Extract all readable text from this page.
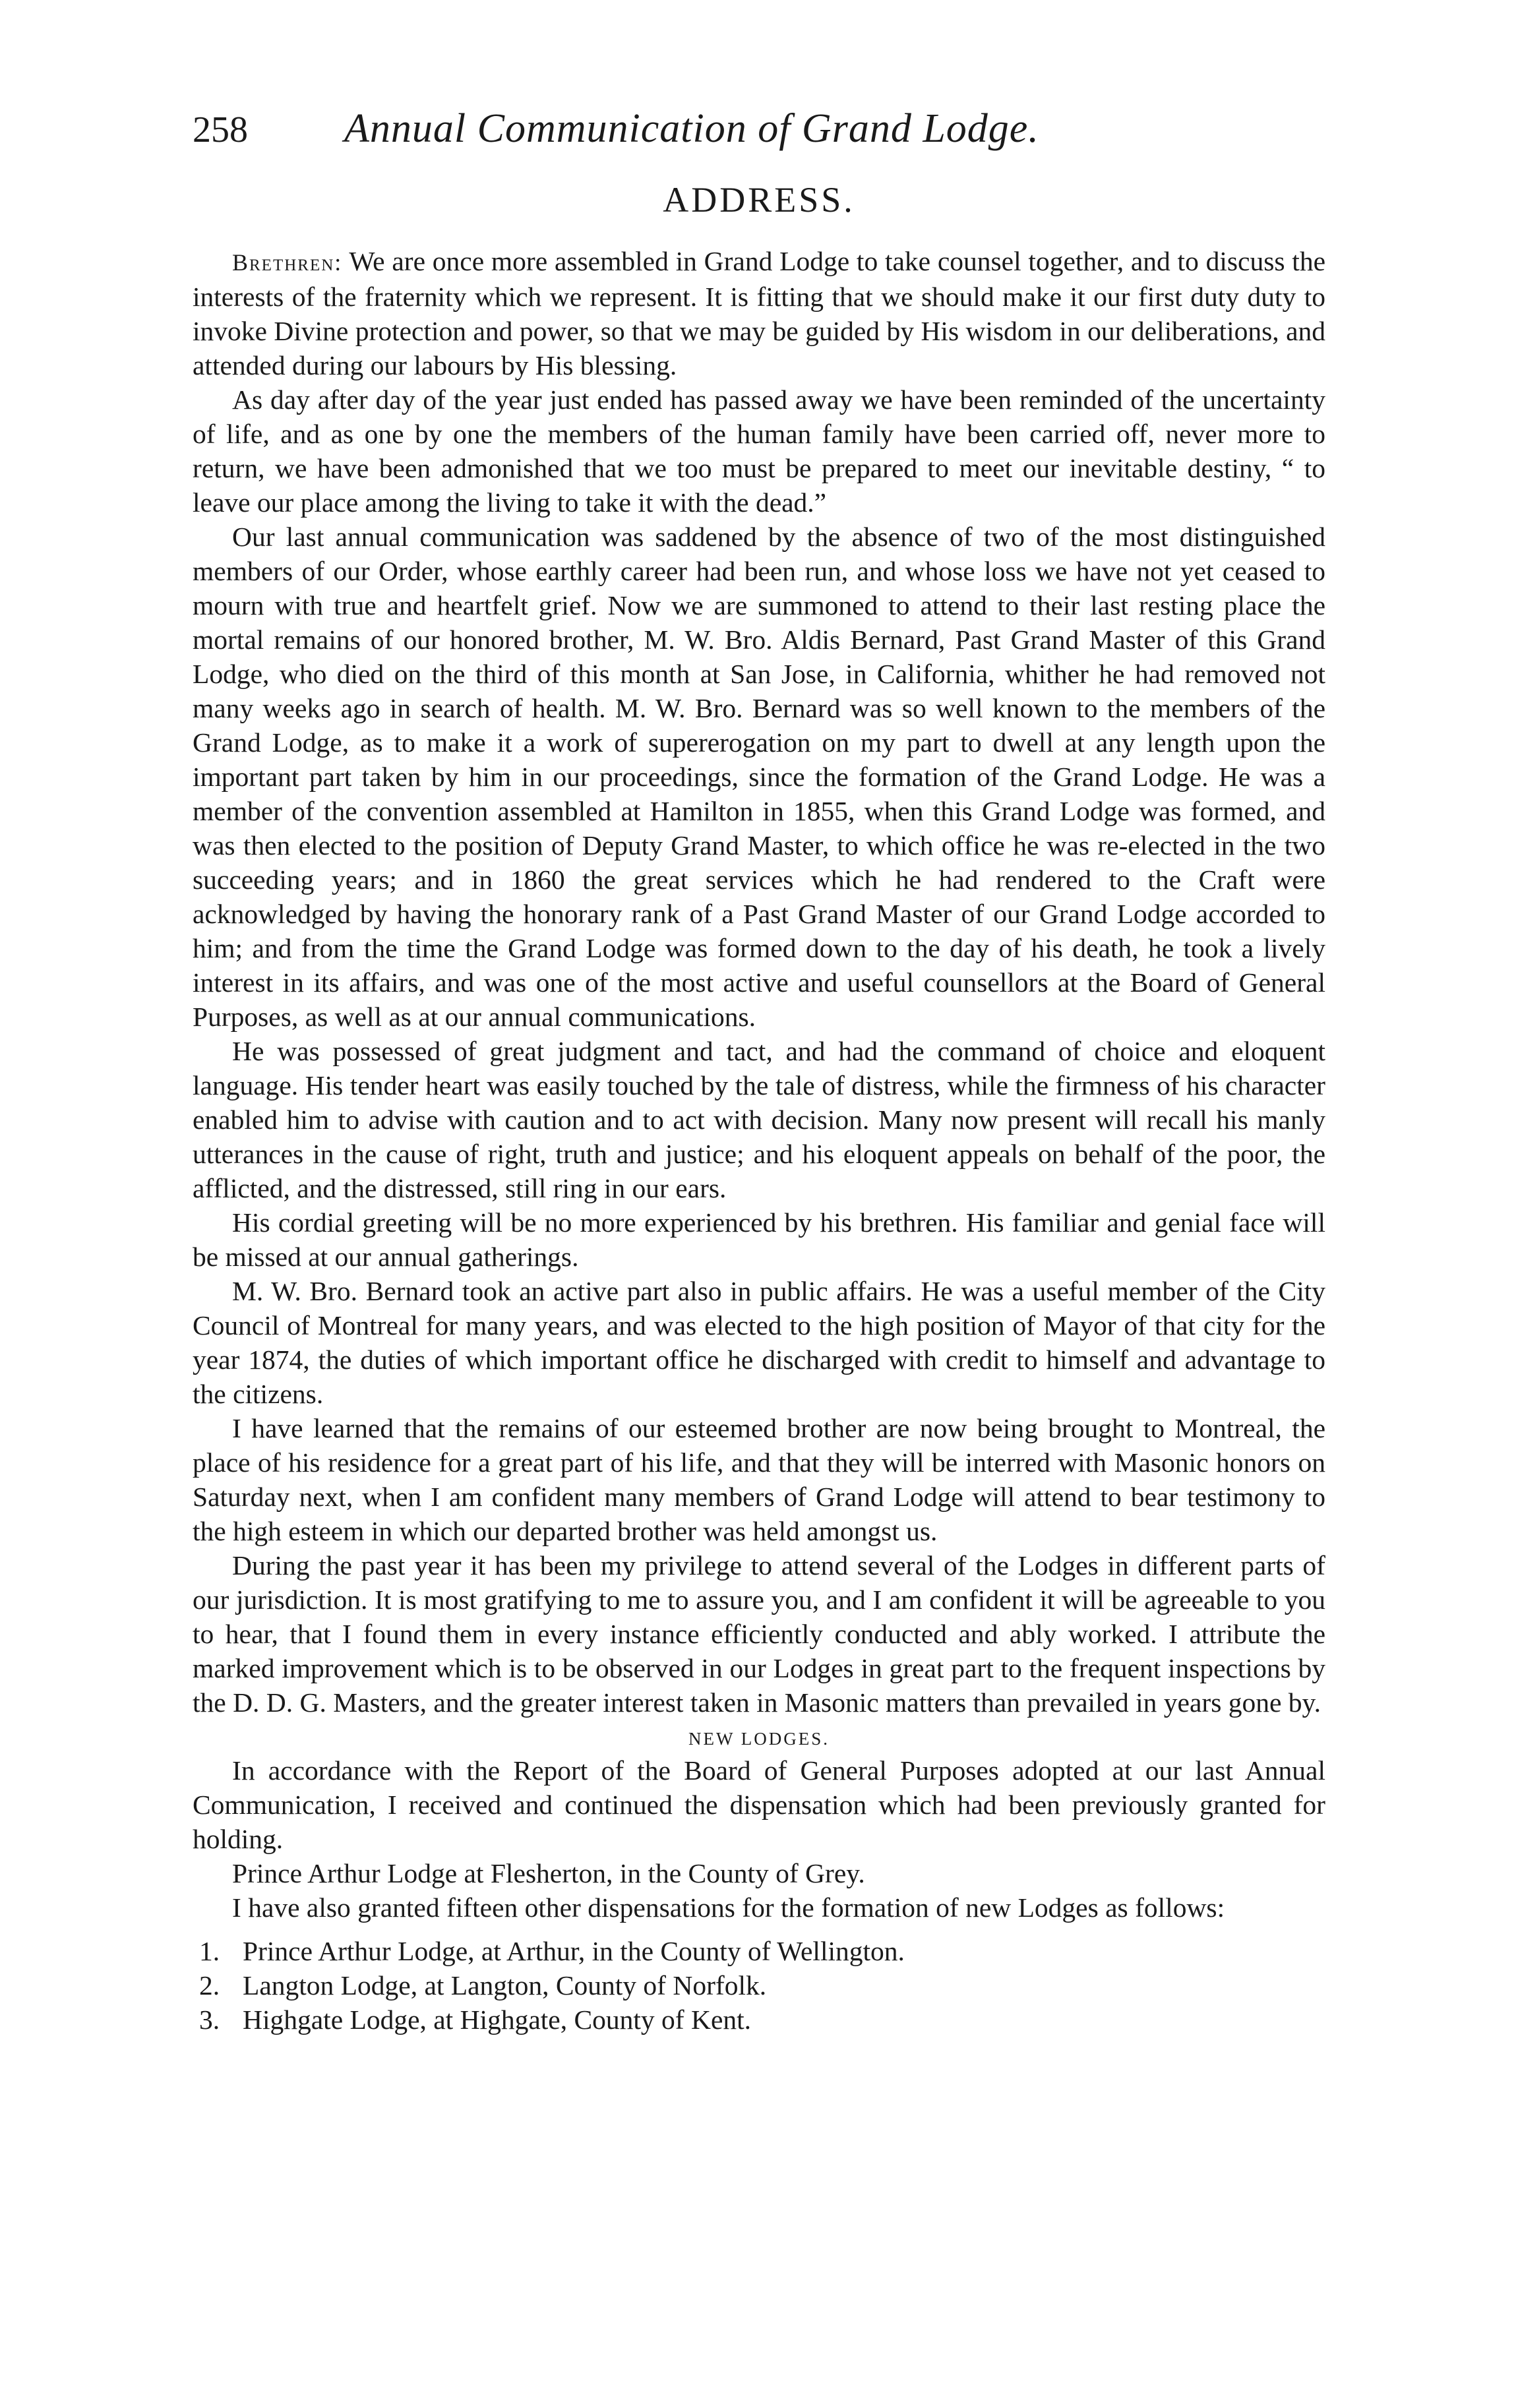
258	Annual Communication of Grand Lodge.
ADDRESS.

Brethren: We are once more assembled in Grand Lodge to take counsel together, and to discuss the interests of the fraternity which we represent. It is fitting that we should make it our first duty duty to invoke Divine protection and power, so that we may be guided by His wisdom in our deliberations, and attended during our labours by His blessing.

As day after day of the year just ended has passed away we have been reminded of the uncertainty of life, and as one by one the members of the human family have been carried off, never more to return, we have been admonished that we too must be prepared to meet our inevitable destiny, “ to leave our place among the living to take it with the dead.”

Our last annual communication was saddened by the absence of two of the most distinguished members of our Order, whose earthly career had been run, and whose loss we have not yet ceased to mourn with true and heartfelt grief. Now we are summoned to attend to their last resting place the mortal remains of our honored brother, M. W. Bro. Aldis Bernard, Past Grand Master of this Grand Lodge, who died on the third of this month at San Jose, in California, whither he had removed not many weeks ago in search of health. M. W. Bro. Bernard was so well known to the members of the Grand Lodge, as to make it a work of supererogation on my part to dwell at any length upon the important part taken by him in our proceedings, since the formation of the Grand Lodge. He was a member of the convention assembled at Hamilton in 1855, when this Grand Lodge was formed, and was then elected to the position of Deputy Grand Master, to which office he was re-elected in the two succeeding years; and in 1860 the great services which he had rendered to the Craft were acknowledged by having the honorary rank of a Past Grand Master of our Grand Lodge accorded to him; and from the time the Grand Lodge was formed down to the day of his death, he took a lively interest in its affairs, and was one of the most active and useful counsellors at the Board of General Purposes, as well as at our annual communications.

He was possessed of great judgment and tact, and had the command of choice and eloquent language. His tender heart was easily touched by the tale of distress, while the firmness of his character enabled him to advise with caution and to act with decision. Many now present will recall his manly utterances in the cause of right, truth and justice; and his eloquent appeals on behalf of the poor, the afflicted, and the distressed, still ring in our ears.

His cordial greeting will be no more experienced by his brethren. His familiar and genial face will be missed at our annual gatherings.

M. W. Bro. Bernard took an active part also in public affairs. He was a useful member of the City Council of Montreal for many years, and was elected to the high position of Mayor of that city for the year 1874, the duties of which important office he discharged with credit to himself and advantage to the citizens.

I have learned that the remains of our esteemed brother are now being brought to Montreal, the place of his residence for a great part of his life, and that they will be interred with Masonic honors on Saturday next, when I am confident many members of Grand Lodge will attend to bear testimony to the high esteem in which our departed brother was held amongst us.

During the past year it has been my privilege to attend several of the Lodges in different parts of our jurisdiction. It is most gratifying to me to assure you, and I am confident it will be agreeable to you to hear, that I found them in every instance efficiently conducted and ably worked. I attribute the marked improvement which is to be observed in our Lodges in great part to the frequent inspections by the D. D. G. Masters, and the greater interest taken in Masonic matters than prevailed in years gone by.

NEW LODGES.

In accordance with the Report of the Board of General Purposes adopted at our last Annual Communication, I received and continued the dispensation which had been previously granted for holding.

Prince Arthur Lodge at Flesherton, in the County of Grey.

I have also granted fifteen other dispensations for the formation of new Lodges as follows:

1. Prince Arthur Lodge, at Arthur, in the County of Wellington.
2. Langton Lodge, at Langton, County of Norfolk.
3. Highgate Lodge, at Highgate, County of Kent.
